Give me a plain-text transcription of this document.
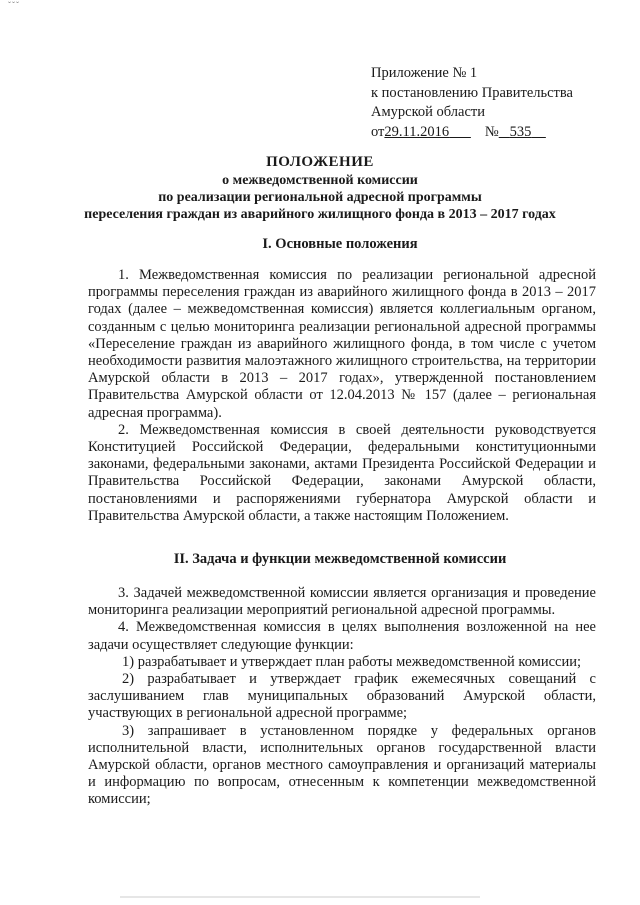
ˇˇˇ
Приложение № 1
к постановлению Правительства
Амурской области
от29.11.2016 № 535
ПОЛОЖЕНИЕ
о межведомственной комиссии
по реализации региональной адресной программы
переселения граждан из аварийного жилищного фонда в 2013 – 2017 годах
I. Основные положения

1. Межведомственная комиссия по реализации региональной адресной программы переселения граждан из аварийного жилищного фонда в 2013 – 2017 годах (далее – межведомственная комиссия) является коллегиальным органом, созданным с целью мониторинга реализации региональной адресной программы «Переселение граждан из аварийного жилищного фонда, в том числе с учетом необходимости развития малоэтажного жилищного строительства, на территории Амурской области в 2013 – 2017 годах», утвержденной постановлением Правительства Амурской области от 12.04.2013 № 157 (далее – региональная адресная программа).

2. Межведомственная комиссия в своей деятельности руководствуется Конституцией Российской Федерации, федеральными конституционными законами, федеральными законами, актами Президента Российской Федерации и Правительства Российской Федерации, законами Амурской области, постановлениями и распоряжениями губернатора Амурской области и Правительства Амурской области, а также настоящим Положением.

II. Задача и функции межведомственной комиссии

3. Задачей межведомственной комиссии является организация и проведение мониторинга реализации мероприятий региональной адресной программы.

4. Межведомственная комиссия в целях выполнения возложенной на нее задачи осуществляет следующие функции:

1) разрабатывает и утверждает план работы межведомственной комиссии;

2) разрабатывает и утверждает график ежемесячных совещаний с заслушиванием глав муниципальных образований Амурской области, участвующих в региональной адресной программе;

3) запрашивает в установленном порядке у федеральных органов исполнительной власти, исполнительных органов государственной власти Амурской области, органов местного самоуправления и организаций материалы и информацию по вопросам, отнесенным к компетенции межведомственной комиссии;
